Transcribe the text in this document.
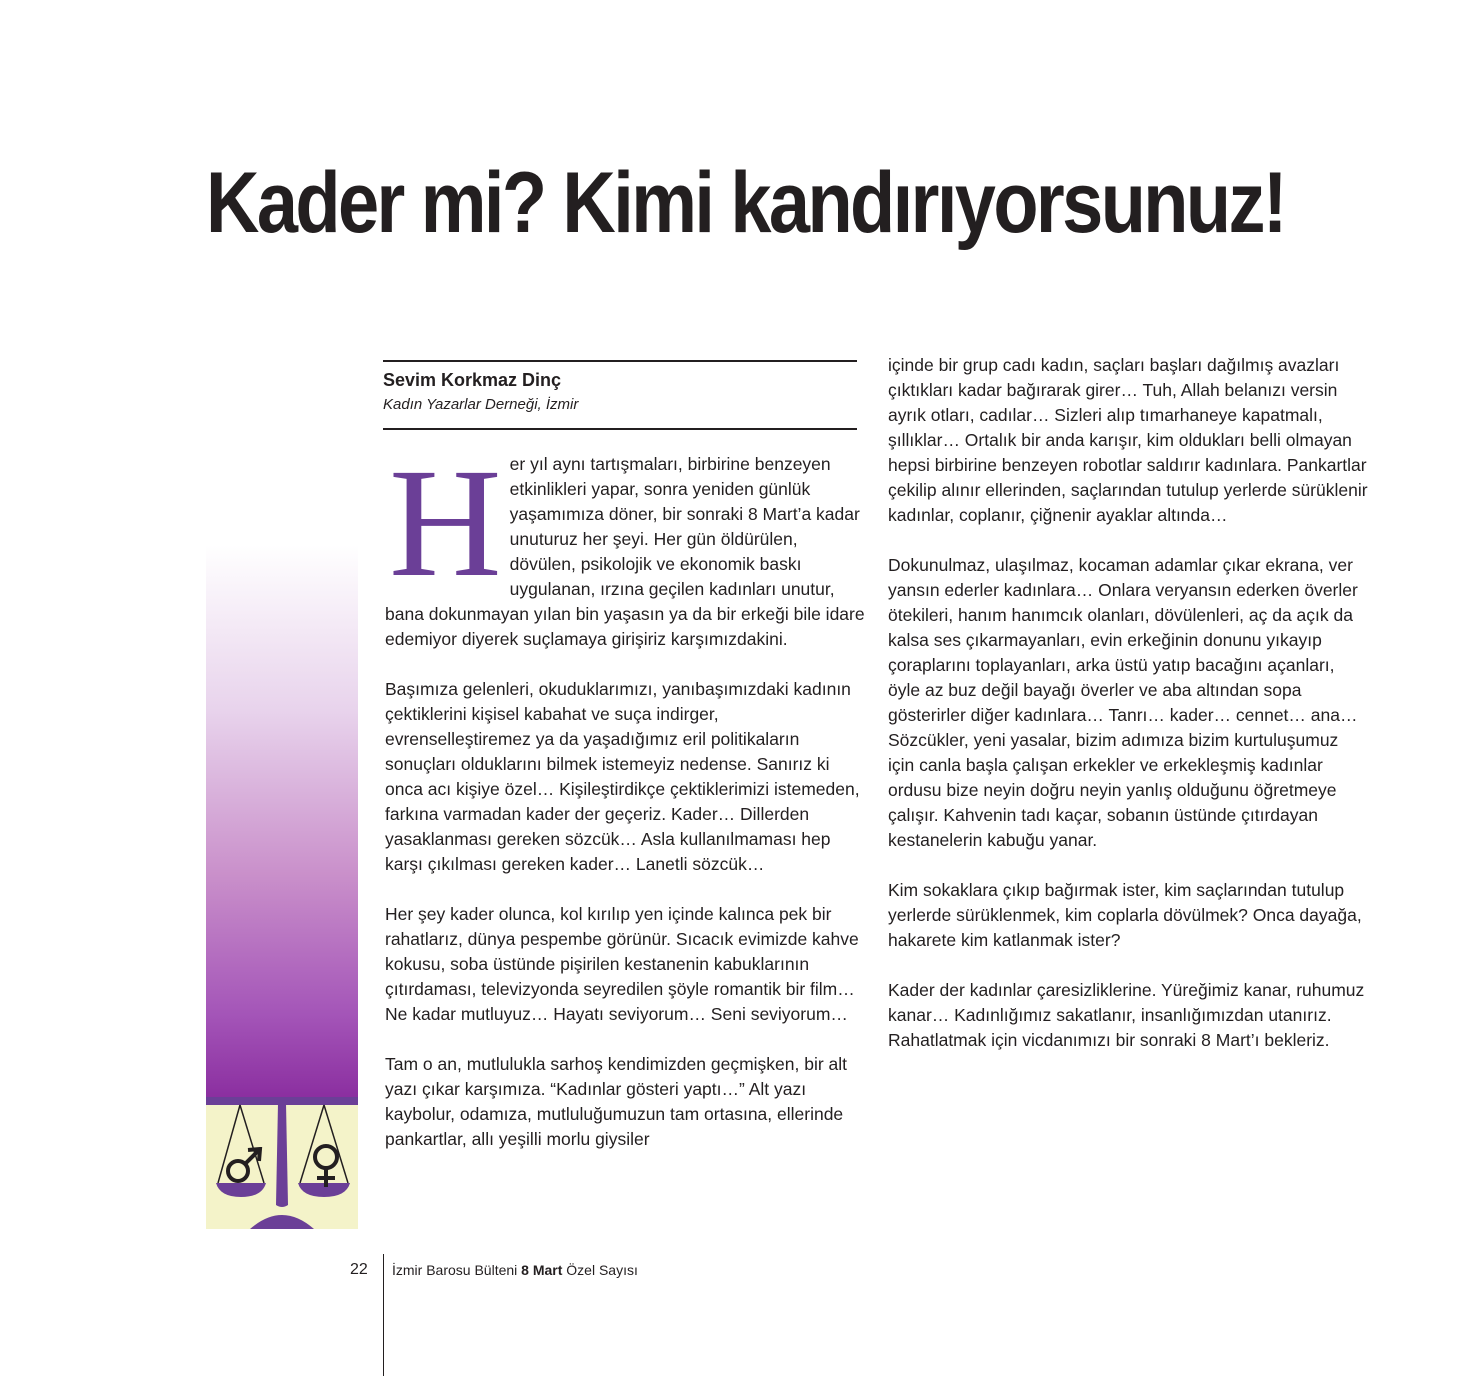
Kader mi? Kimi kandırıyorsunuz!
Sevim Korkmaz Dinç
Kadın Yazarlar Derneği, İzmir

H er yıl aynı tartışmaları, birbirine benzeyen etkinlikleri yapar, sonra yeniden günlük yaşamımıza döner, bir sonraki 8 Mart’a kadar unuturuz her şeyi. Her gün öldürülen, dövülen, psikolojik ve ekonomik baskı uygulanan, ırzına geçilen kadınları unutur, bana dokunmayan yılan bin yaşasın ya da bir erkeği bile idare edemiyor diyerek suçlamaya girişiriz karşımızdakini.

Başımıza gelenleri, okuduklarımızı, yanıbaşımızdaki kadının çektiklerini kişisel kabahat ve suça indirger, evrenselleştiremez ya da yaşadığımız eril politikaların sonuçları olduklarını bilmek istemeyiz nedense. Sanırız ki onca acı kişiye özel… Kişileştirdikçe çektiklerimizi istemeden, farkına varmadan kader der geçeriz. Kader… Dillerden yasaklanması gereken sözcük… Asla kullanılmaması hep karşı çıkılması gereken kader… Lanetli sözcük…

Her şey kader olunca, kol kırılıp yen içinde kalınca pek bir rahatlarız, dünya pespembe görünür. Sıcacık evimizde kahve kokusu, soba üstünde pişirilen kestanenin kabuklarının çıtırdaması, televizyonda seyredilen şöyle romantik bir film… Ne kadar mutluyuz… Hayatı seviyorum… Seni seviyorum…

Tam o an, mutlulukla sarhoş kendimizden geçmişken, bir alt yazı çıkar karşımıza. “Kadınlar gösteri yaptı…” Alt yazı kaybolur, odamıza, mutluluğumuzun tam ortasına, ellerinde pankartlar, allı yeşilli morlu giysiler

içinde bir grup cadı kadın, saçları başları dağılmış avazları çıktıkları kadar bağırarak girer… Tuh, Allah belanızı versin ayrık otları, cadılar… Sizleri alıp tımarhaneye kapatmalı, şıllıklar… Ortalık bir anda karışır, kim oldukları belli olmayan hepsi birbirine benzeyen robotlar saldırır kadınlara. Pankartlar çekilip alınır ellerinden, saçlarından tutulup yerlerde sürüklenir kadınlar, coplanır, çiğnenir ayaklar altında…

Dokunulmaz, ulaşılmaz, kocaman adamlar çıkar ekrana, ver yansın ederler kadınlara… Onlara veryansın ederken överler ötekileri, hanım hanımcık olanları, dövülenleri, aç da açık da kalsa ses çıkarmayanları, evin erkeğinin donunu yıkayıp çoraplarını toplayanları, arka üstü yatıp bacağını açanları, öyle az buz değil bayağı överler ve aba altından sopa gösterirler diğer kadınlara… Tanrı… kader… cennet… ana… Sözcükler, yeni yasalar, bizim adımıza bizim kurtuluşumuz için canla başla çalışan erkekler ve erkekleşmiş kadınlar ordusu bize neyin doğru neyin yanlış olduğunu öğretmeye çalışır. Kahvenin tadı kaçar, sobanın üstünde çıtırdayan kestanelerin kabuğu yanar.

Kim sokaklara çıkıp bağırmak ister, kim saçlarından tutulup yerlerde sürüklenmek, kim coplarla dövülmek? Onca dayağa, hakarete kim katlanmak ister?

Kader der kadınlar çaresizliklerine. Yüreğimiz kanar, ruhumuz kanar… Kadınlığımız sakatlanır, insanlığımızdan utanırız. Rahatlatmak için vicdanımızı bir sonraki 8 Mart’ı bekleriz.

22 İzmir Barosu Bülteni 8 Mart Özel Sayısı
